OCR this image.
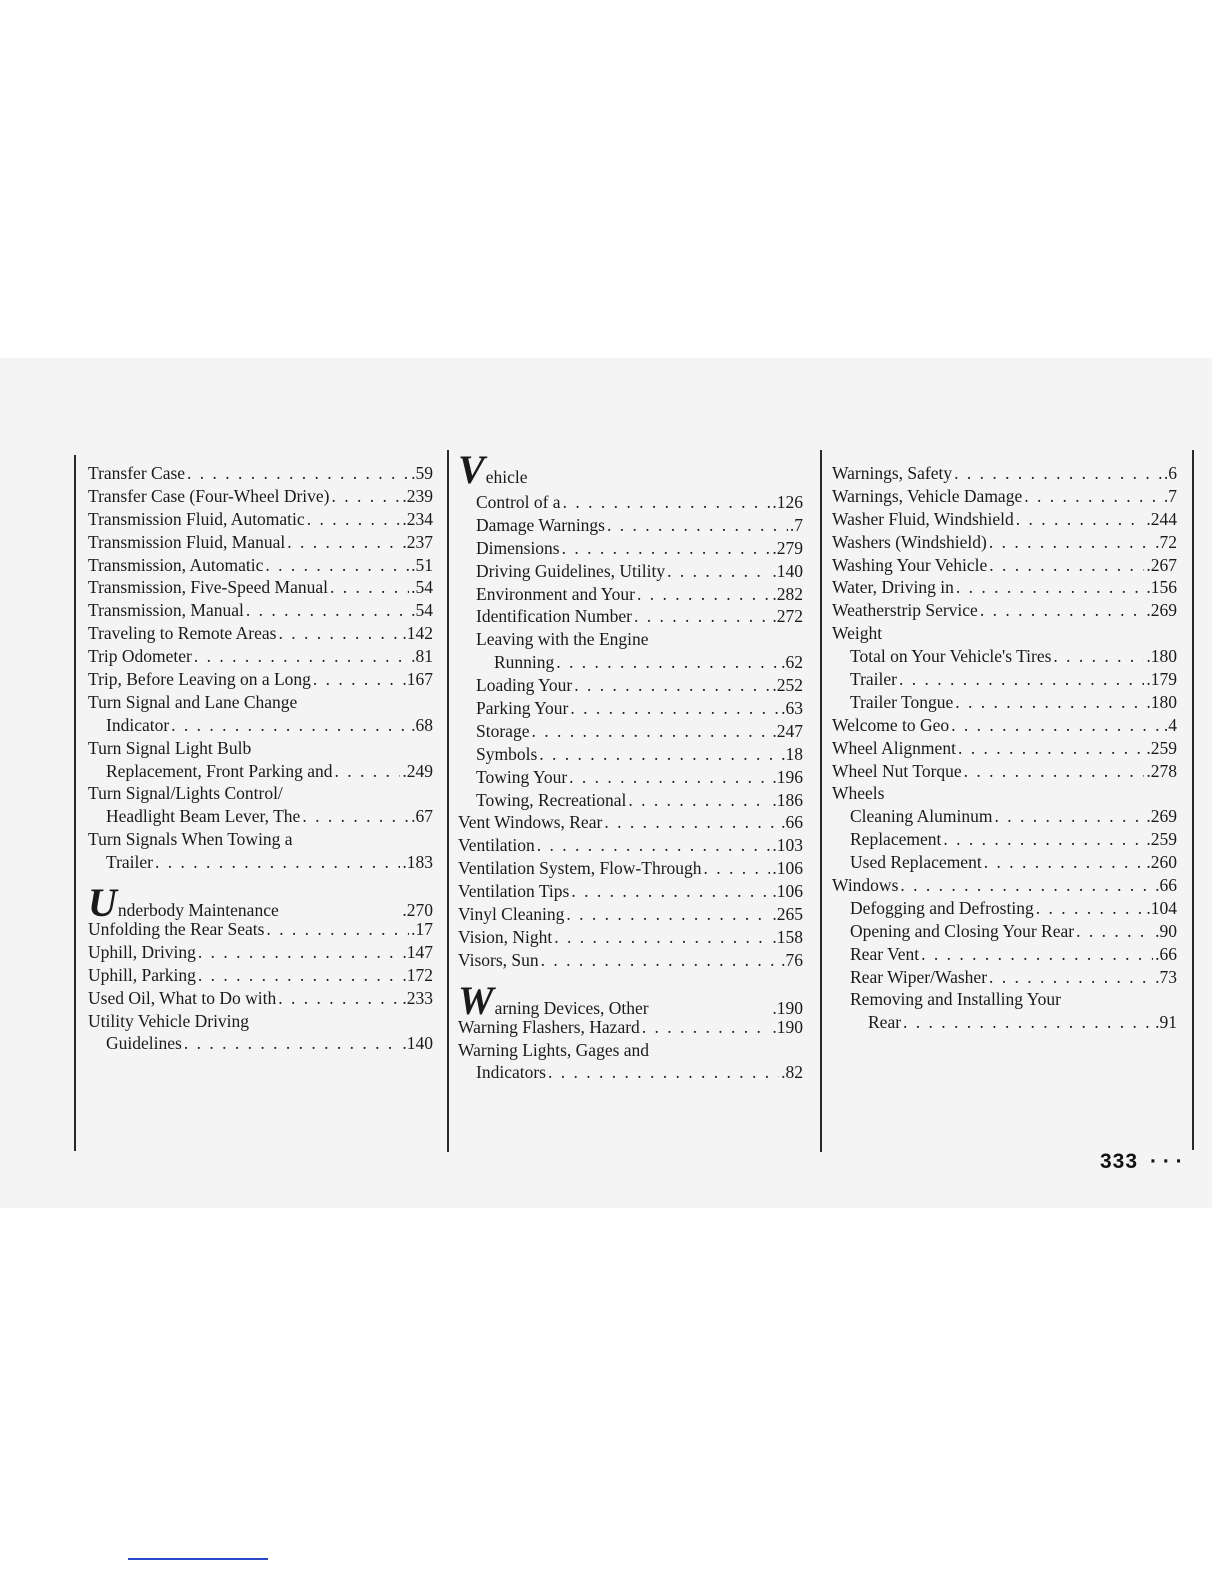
Transfer Case . . .	.59
Transfer Case (Four-Wheel Drive) . . .	.239
Transmission Fluid, Automatic . . .	.234
Transmission Fluid, Manual . . .	.237
Transmission, Automatic . . .	.51
Transmission, Five-Speed Manual . . .	.54
Transmission, Manual . . .	.54
Traveling to Remote Areas . . .	.142
Trip Odometer . . .	.81
Trip, Before Leaving on a Long . . .	.167
Turn Signal and Lane Change
Indicator . . .	.68
Turn Signal Light Bulb
Replacement, Front Parking and . . .	.249
Turn Signal/Lights Control/
Headlight Beam Lever, The . . .	.67
Turn Signals When Towing a
Trailer . . .	.183
U nderbody Maintenance	.270
Unfolding the Rear Seats . . .	.17
Uphill, Driving . . .	.147
Uphill, Parking . . .	.172
Used Oil, What to Do with . . .	.233
Utility Vehicle Driving
Guidelines . . .	.140
V ehicle
Control of a . . .	.126
Damage Warnings . . .	.7
Dimensions . . .	.279
Driving Guidelines, Utility . . .	.140
Environment and Your . . .	.282
Identification Number . . .	.272
Leaving with the Engine
Running . . .	.62
Loading Your . . .	.252
Parking Your . . .	.63
Storage . . .	.247
Symbols . . .	.18
Towing Your . . .	.196
Towing, Recreational . . .	.186
Vent Windows, Rear . . .	.66
Ventilation . . .	.103
Ventilation System, Flow-Through . . .	.106
Ventilation Tips . . .	.106
Vinyl Cleaning . . .	.265
Vision, Night . . .	.158
Visors, Sun . . .	.76
W arning Devices, Other	.190
Warning Flashers, Hazard . . .	.190
Warning Lights, Gages and
Indicators . . .	.82
Warnings, Safety . . .	.6
Warnings, Vehicle Damage . . .	.7
Washer Fluid, Windshield . . .	.244
Washers (Windshield) . . .	.72
Washing Your Vehicle . . .	.267
Water, Driving in . . .	.156
Weatherstrip Service . . .	.269
Weight
Total on Your Vehicle's Tires . . .	.180
Trailer . . .	.179
Trailer Tongue . . .	.180
Welcome to Geo . . .	.4
Wheel Alignment . . .	.259
Wheel Nut Torque . . .	.278
Wheels
Cleaning Aluminum . . .	.269
Replacement . . .	.259
Used Replacement . . .	.260
Windows . . .	.66
Defogging and Defrosting . . .	.104
Opening and Closing Your Rear . . .	.90
Rear Vent . . .	.66
Rear Wiper/Washer . . .	.73
Removing and Installing Your
Rear . . .	.91
333 · · ·
